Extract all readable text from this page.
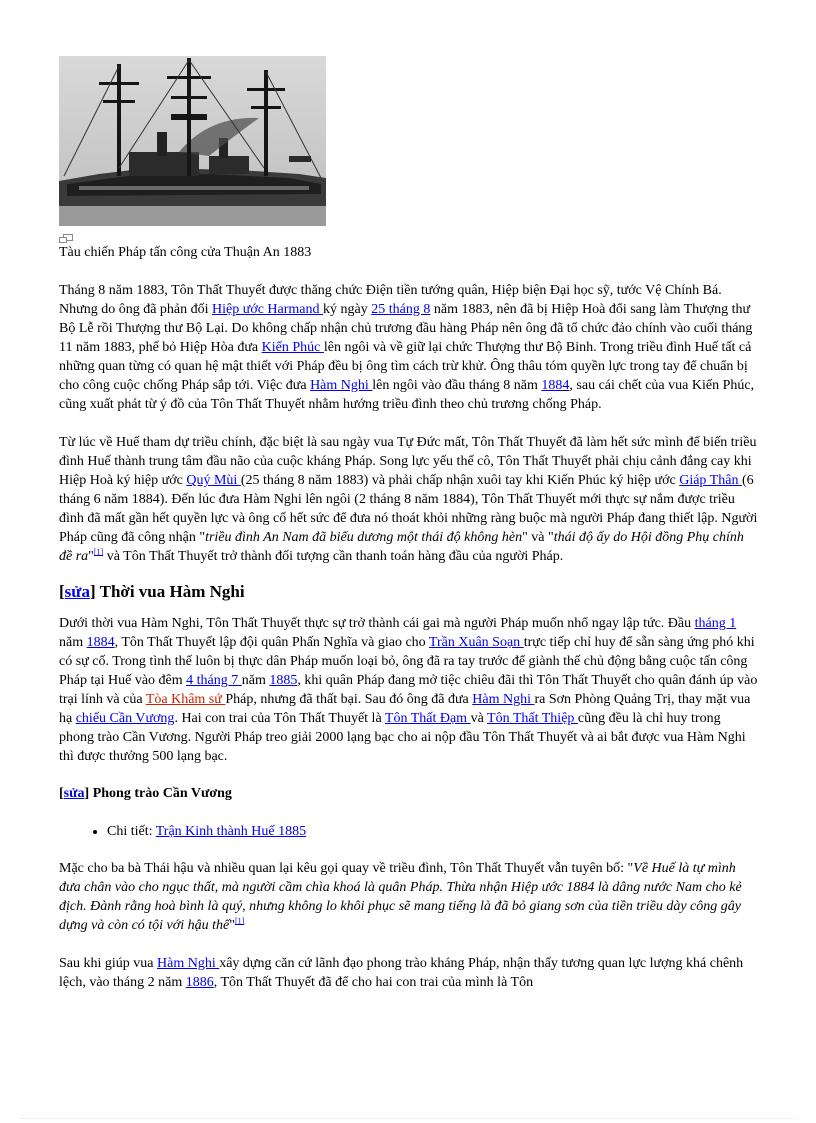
Tàu chiến Pháp tấn công cửa Thuận An 1883

Tháng 8 năm 1883, Tôn Thất Thuyết được thăng chức Điện tiền tướng quân, Hiệp biện Đại học sỹ, tước Vệ Chính Bá. Nhưng do ông đã phản đối Hiệp ước Harmand ký ngày 25 tháng 8 năm 1883, nên đã bị Hiệp Hoà đổi sang làm Thượng thư Bộ Lễ rồi Thượng thư Bộ Lại. Do không chấp nhận chủ trương đầu hàng Pháp nên ông đã tổ chức đảo chính vào cuối tháng 11 năm 1883, phế bỏ Hiệp Hòa đưa Kiến Phúc lên ngôi và về giữ lại chức Thượng thư Bộ Binh. Trong triều đình Huế tất cả những quan từng có quan hệ mật thiết với Pháp đều bị ông tìm cách trừ khử. Ông thâu tóm quyền lực trong tay để chuẩn bị cho công cuộc chống Pháp sắp tới. Việc đưa Hàm Nghi lên ngôi vào đầu tháng 8 năm 1884, sau cái chết của vua Kiến Phúc, cũng xuất phát từ ý đồ của Tôn Thất Thuyết nhằm hướng triều đình theo chủ trương chống Pháp.

Từ lúc về Huế tham dự triều chính, đặc biệt là sau ngày vua Tự Đức mất, Tôn Thất Thuyết đã làm hết sức mình để biến triều đình Huế thành trung tâm đầu não của cuộc kháng Pháp. Song lực yếu thế cô, Tôn Thất Thuyết phải chịu cảnh đắng cay khi Hiệp Hoà ký hiệp ước Quý Mùi (25 tháng 8 năm 1883) và phải chấp nhận xuôi tay khi Kiến Phúc ký hiệp ước Giáp Thân (6 tháng 6 năm 1884). Đến lúc đưa Hàm Nghi lên ngôi (2 tháng 8 năm 1884), Tôn Thất Thuyết mới thực sự nắm được triều đình đã mất gần hết quyền lực và ông cố hết sức để đưa nó thoát khỏi những ràng buộc mà người Pháp đang thiết lập. Người Pháp cũng đã công nhận "triều đình An Nam đã biểu dương một thái độ không hèn" và "thái độ ấy do Hội đồng Phụ chính đề ra"[1] và Tôn Thất Thuyết trở thành đối tượng cần thanh toán hàng đầu của người Pháp.

[sửa] Thời vua Hàm Nghi

Dưới thời vua Hàm Nghi, Tôn Thất Thuyết thực sự trở thành cái gai mà người Pháp muốn nhổ ngay lập tức. Đầu tháng 1 năm 1884, Tôn Thất Thuyết lập đội quân Phấn Nghĩa và giao cho Trần Xuân Soạn trực tiếp chỉ huy để sẵn sàng ứng phó khi có sự cố. Trong tình thế luôn bị thực dân Pháp muốn loại bỏ, ông đã ra tay trước để giành thế chủ động bằng cuộc tấn công Pháp tại Huế vào đêm 4 tháng 7 năm 1885, khi quân Pháp đang mở tiệc chiêu đãi thì Tôn Thất Thuyết cho quân đánh úp vào trại lính và của Tòa Khâm sứ Pháp, nhưng đã thất bại. Sau đó ông đã đưa Hàm Nghi ra Sơn Phòng Quảng Trị, thay mặt vua hạ chiếu Cần Vương. Hai con trai của Tôn Thất Thuyết là Tôn Thất Đạm và Tôn Thất Thiệp cũng đều là chỉ huy trong phong trào Cần Vương. Người Pháp treo giải 2000 lạng bạc cho ai nộp đầu Tôn Thất Thuyết và ai bắt được vua Hàm Nghi thì được thưởng 500 lạng bạc.

[sửa] Phong trào Cần Vương
• Chi tiết: Trận Kinh thành Huế 1885

Mặc cho ba bà Thái hậu và nhiều quan lại kêu gọi quay về triều đình, Tôn Thất Thuyết vẫn tuyên bố: "Về Huế là tự mình đưa chân vào cho ngục thất, mà người cầm chìa khoá là quân Pháp. Thừa nhận Hiệp ước 1884 là dâng nước Nam cho kẻ địch. Đành rằng hoà bình là quý, nhưng không lo khôi phục sẽ mang tiếng là đã bỏ giang sơn của tiền triều dày công gây dựng và còn có tội với hậu thế"[1]

Sau khi giúp vua Hàm Nghi xây dựng căn cứ lãnh đạo phong trào kháng Pháp, nhận thấy tương quan lực lượng khá chênh lệch, vào tháng 2 năm 1886, Tôn Thất Thuyết đã để cho hai con trai của mình là Tôn
